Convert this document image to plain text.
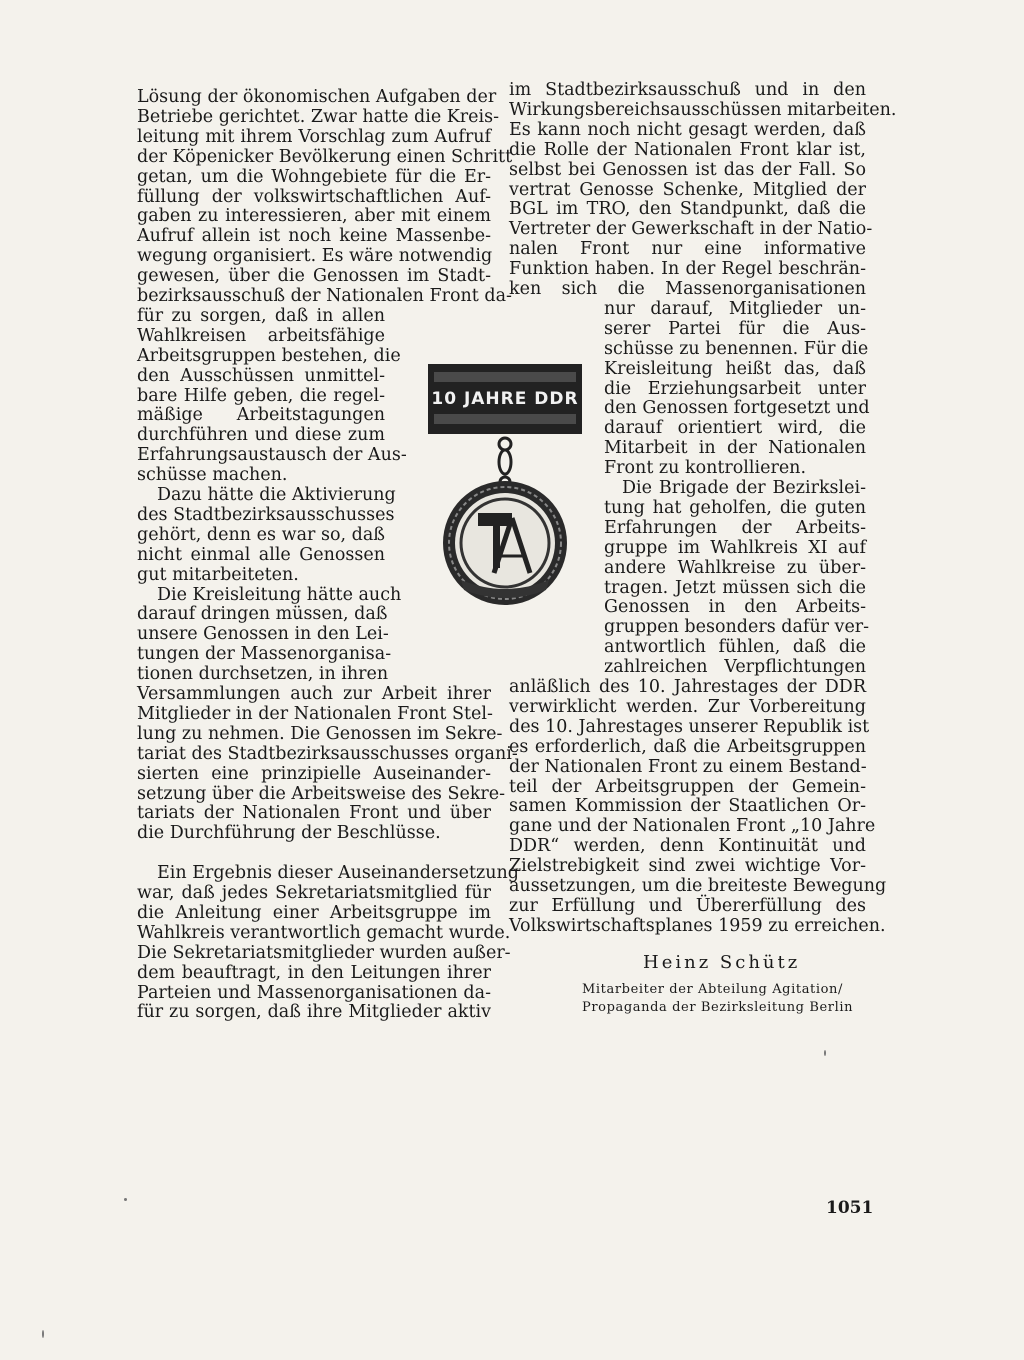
Lösung der ökonomischen Aufgaben der
Betriebe gerichtet. Zwar hatte die Kreis-
leitung mit ihrem Vorschlag zum Aufruf
der Köpenicker Bevölkerung einen Schritt
getan, um die Wohngebiete für die Er-
füllung der volkswirtschaftlichen Auf-
gaben zu interessieren, aber mit einem
Aufruf allein ist noch keine Massenbe-
wegung organisiert. Es wäre notwendig
gewesen, über die Genossen im Stadt-
bezirksausschuß der Nationalen Front da-
für zu sorgen, daß in allen
Wahlkreisen arbeitsfähige
Arbeitsgruppen bestehen, die
den Ausschüssen unmittel-
bare Hilfe geben, die regel-
mäßige Arbeitstagungen
durchführen und diese zum
Erfahrungsaustausch der Aus-
schüsse machen.
Dazu hätte die Aktivierung
des Stadtbezirksausschusses
gehört, denn es war so, daß
nicht einmal alle Genossen
gut mitarbeiteten.
Die Kreisleitung hätte auch
darauf dringen müssen, daß
unsere Genossen in den Lei-
tungen der Massenorganisa-
tionen durchsetzen, in ihren
Versammlungen auch zur Arbeit ihrer
Mitglieder in der Nationalen Front Stel-
lung zu nehmen. Die Genossen im Sekre-
tariat des Stadtbezirksausschusses organi-
sierten eine prinzipielle Auseinander-
setzung über die Arbeitsweise des Sekre-
tariats der Nationalen Front und über
die Durchführung der Beschlüsse.
Ein Ergebnis dieser Auseinandersetzung
war, daß jedes Sekretariatsmitglied für
die Anleitung einer Arbeitsgruppe im
Wahlkreis verantwortlich gemacht wurde.
Die Sekretariatsmitglieder wurden außer-
dem beauftragt, in den Leitungen ihrer
Parteien und Massenorganisationen da-
für zu sorgen, daß ihre Mitglieder aktiv
im Stadtbezirksausschuß und in den
Wirkungsbereichsausschüssen mitarbeiten.
Es kann noch nicht gesagt werden, daß
die Rolle der Nationalen Front klar ist,
selbst bei Genossen ist das der Fall. So
vertrat Genosse Schenke, Mitglied der
BGL im TRO, den Standpunkt, daß die
Vertreter der Gewerkschaft in der Natio-
nalen Front nur eine informative
Funktion haben. In der Regel beschrän-
ken sich die Massenorganisationen
nur darauf, Mitglieder un-
serer Partei für die Aus-
schüsse zu benennen. Für die
Kreisleitung heißt das, daß
die Erziehungsarbeit unter
den Genossen fortgesetzt und
darauf orientiert wird, die
Mitarbeit in der Nationalen
Front zu kontrollieren.
Die Brigade der Bezirkslei-
tung hat geholfen, die guten
Erfahrungen der Arbeits-
gruppe im Wahlkreis XI auf
andere Wahlkreise zu über-
tragen. Jetzt müssen sich die
Genossen in den Arbeits-
gruppen besonders dafür ver-
antwortlich fühlen, daß die
zahlreichen Verpflichtungen
anläßlich des 10. Jahrestages der DDR
verwirklicht werden. Zur Vorbereitung
des 10. Jahrestages unserer Republik ist
es erforderlich, daß die Arbeitsgruppen
der Nationalen Front zu einem Bestand-
teil der Arbeitsgruppen der Gemein-
samen Kommission der Staatlichen Or-
gane und der Nationalen Front „10 Jahre
DDR“ werden, denn Kontinuität und
Zielstrebigkeit sind zwei wichtige Vor-
aussetzungen, um die breiteste Bewegung
zur Erfüllung und Übererfüllung des
Volkswirtschaftsplanes 1959 zu erreichen.
10 JAHRE DDR
Heinz Schütz
Mitarbeiter der Abteilung Agitation/
Propaganda der Bezirksleitung Berlin
1051
